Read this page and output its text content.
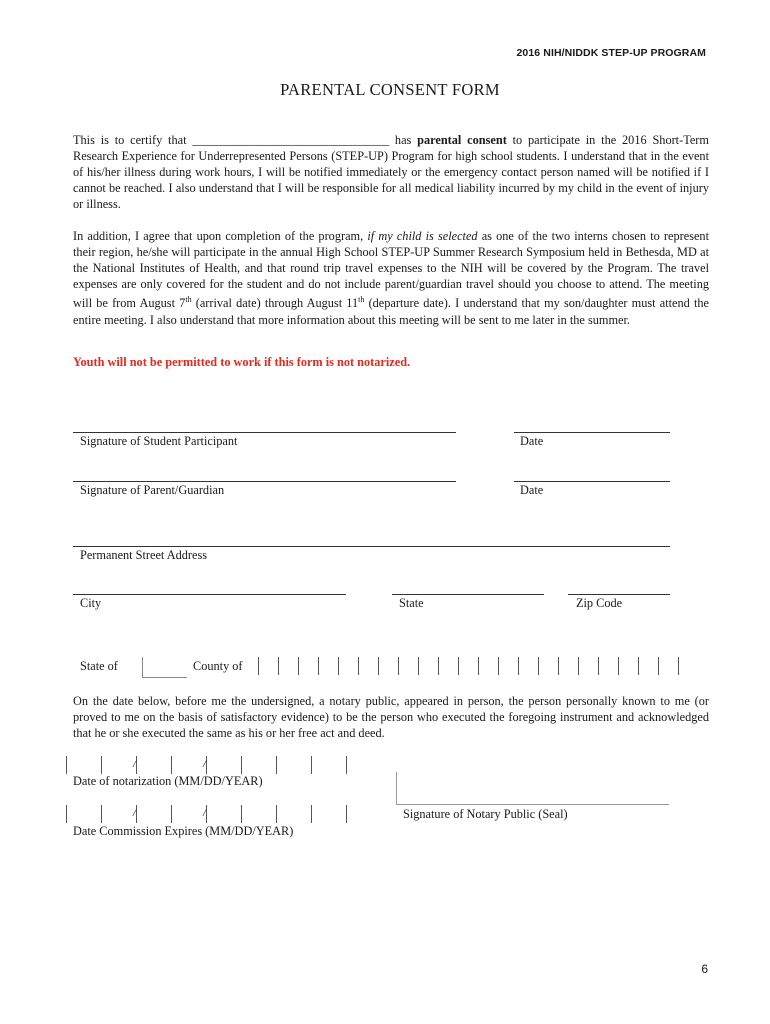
2016 NIH/NIDDK STEP-UP PROGRAM
PARENTAL CONSENT FORM
This is to certify that ________________________________ has parental consent to participate in the 2016 Short-Term Research Experience for Underrepresented Persons (STEP-UP) Program for high school students. I understand that in the event of his/her illness during work hours, I will be notified immediately or the emergency contact person named will be notified if I cannot be reached. I also understand that I will be responsible for all medical liability incurred by my child in the event of injury or illness.
In addition, I agree that upon completion of the program, if my child is selected as one of the two interns chosen to represent their region, he/she will participate in the annual High School STEP-UP Summer Research Symposium held in Bethesda, MD at the National Institutes of Health, and that round trip travel expenses to the NIH will be covered by the Program. The travel expenses are only covered for the student and do not include parent/guardian travel should you choose to attend. The meeting will be from August 7th (arrival date) through August 11th (departure date). I understand that my son/daughter must attend the entire meeting. I also understand that more information about this meeting will be sent to me later in the summer.
Youth will not be permitted to work if this form is not notarized.
Signature of Student Participant	Date
Signature of Parent/Guardian	Date
Permanent Street Address
City	State	Zip Code
State of	County of
On the date below, before me the undersigned, a notary public, appeared in person, the person personally known to me (or proved to me on the basis of satisfactory evidence) to be the person who executed the foregoing instrument and acknowledged that he or she executed the same as his or her free act and deed.
/	/
Date of notarization (MM/DD/YEAR)
Signature of Notary Public (Seal)
/	/
Date Commission Expires (MM/DD/YEAR)
6
